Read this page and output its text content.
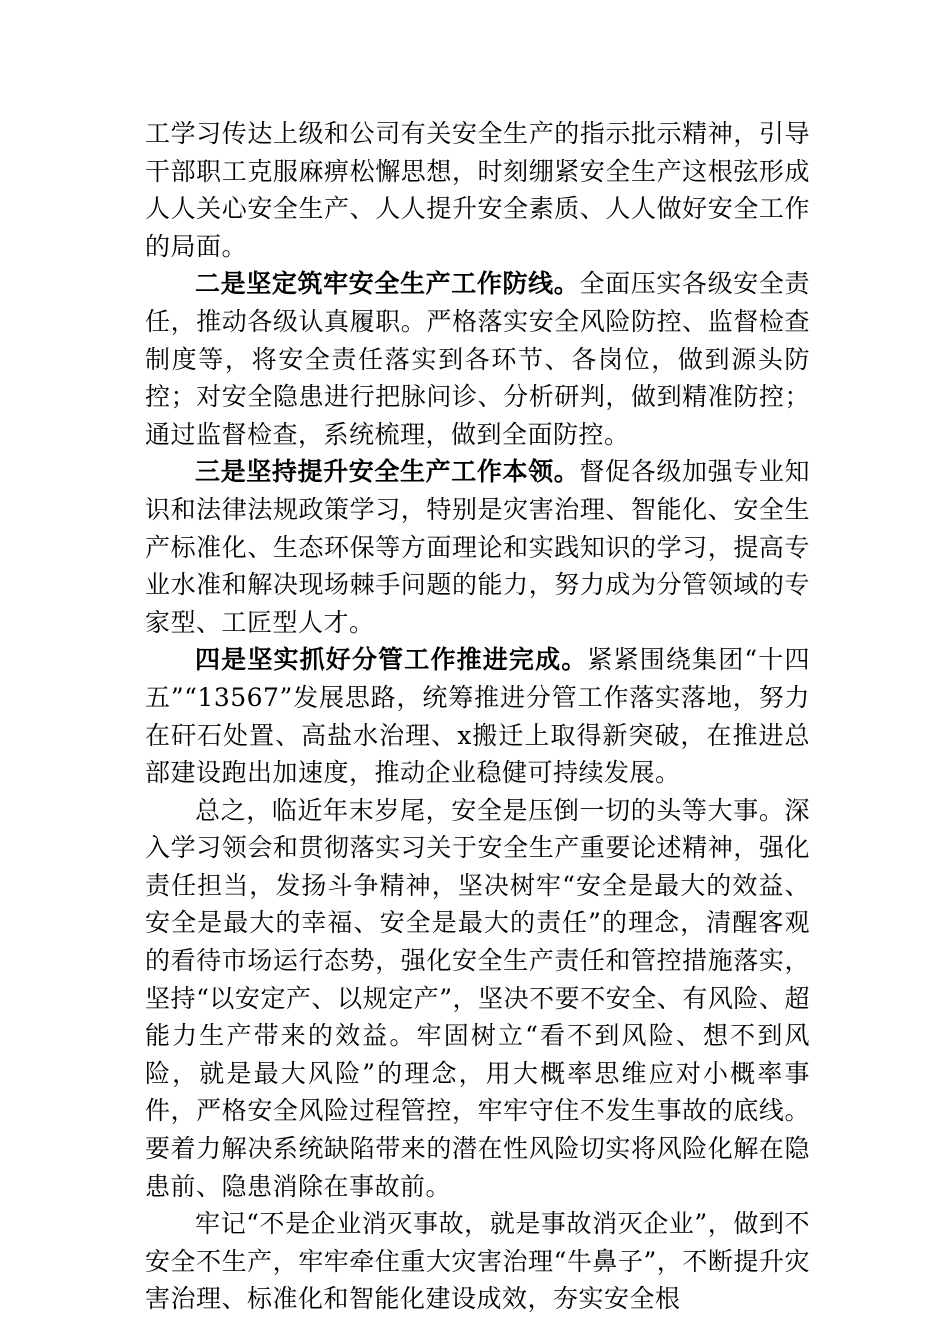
工学习传达上级和公司有关安全生产的指示批示精神，引导干部职工克服麻痹松懈思想，时刻绷紧安全生产这根弦形成人人关心安全生产、人人提升安全素质、人人做好安全工作的局面。

二是坚定筑牢安全生产工作防线。全面压实各级安全责任，推动各级认真履职。严格落实安全风险防控、监督检查制度等，将安全责任落实到各环节、各岗位，做到源头防控；对安全隐患进行把脉问诊、分析研判，做到精准防控；通过监督检查，系统梳理，做到全面防控。

三是坚持提升安全生产工作本领。督促各级加强专业知识和法律法规政策学习，特别是灾害治理、智能化、安全生产标准化、生态环保等方面理论和实践知识的学习，提高专业水准和解决现场棘手问题的能力，努力成为分管领域的专家型、工匠型人才。

四是坚实抓好分管工作推进完成。紧紧围绕集团“十四五”“13567”发展思路，统筹推进分管工作落实落地，努力在矸石处置、高盐水治理、x搬迁上取得新突破，在推进总部建设跑出加速度，推动企业稳健可持续发展。

总之，临近年末岁尾，安全是压倒一切的头等大事。深入学习领会和贯彻落实习关于安全生产重要论述精神，强化责任担当，发扬斗争精神，坚决树牢“安全是最大的效益、安全是最大的幸福、安全是最大的责任”的理念，清醒客观的看待市场运行态势，强化安全生产责任和管控措施落实，坚持“以安定产、以规定产”，坚决不要不安全、有风险、超能力生产带来的效益。牢固树立“看不到风险、想不到风险，就是最大风险”的理念，用大概率思维应对小概率事件，严格安全风险过程管控，牢牢守住不发生事故的底线。要着力解决系统缺陷带来的潜在性风险切实将风险化解在隐患前、隐患消除在事故前。

牢记“不是企业消灭事故，就是事故消灭企业”，做到不安全不生产，牢牢牵住重大灾害治理“牛鼻子”，不断提升灾害治理、标准化和智能化建设成效，夯实安全根
